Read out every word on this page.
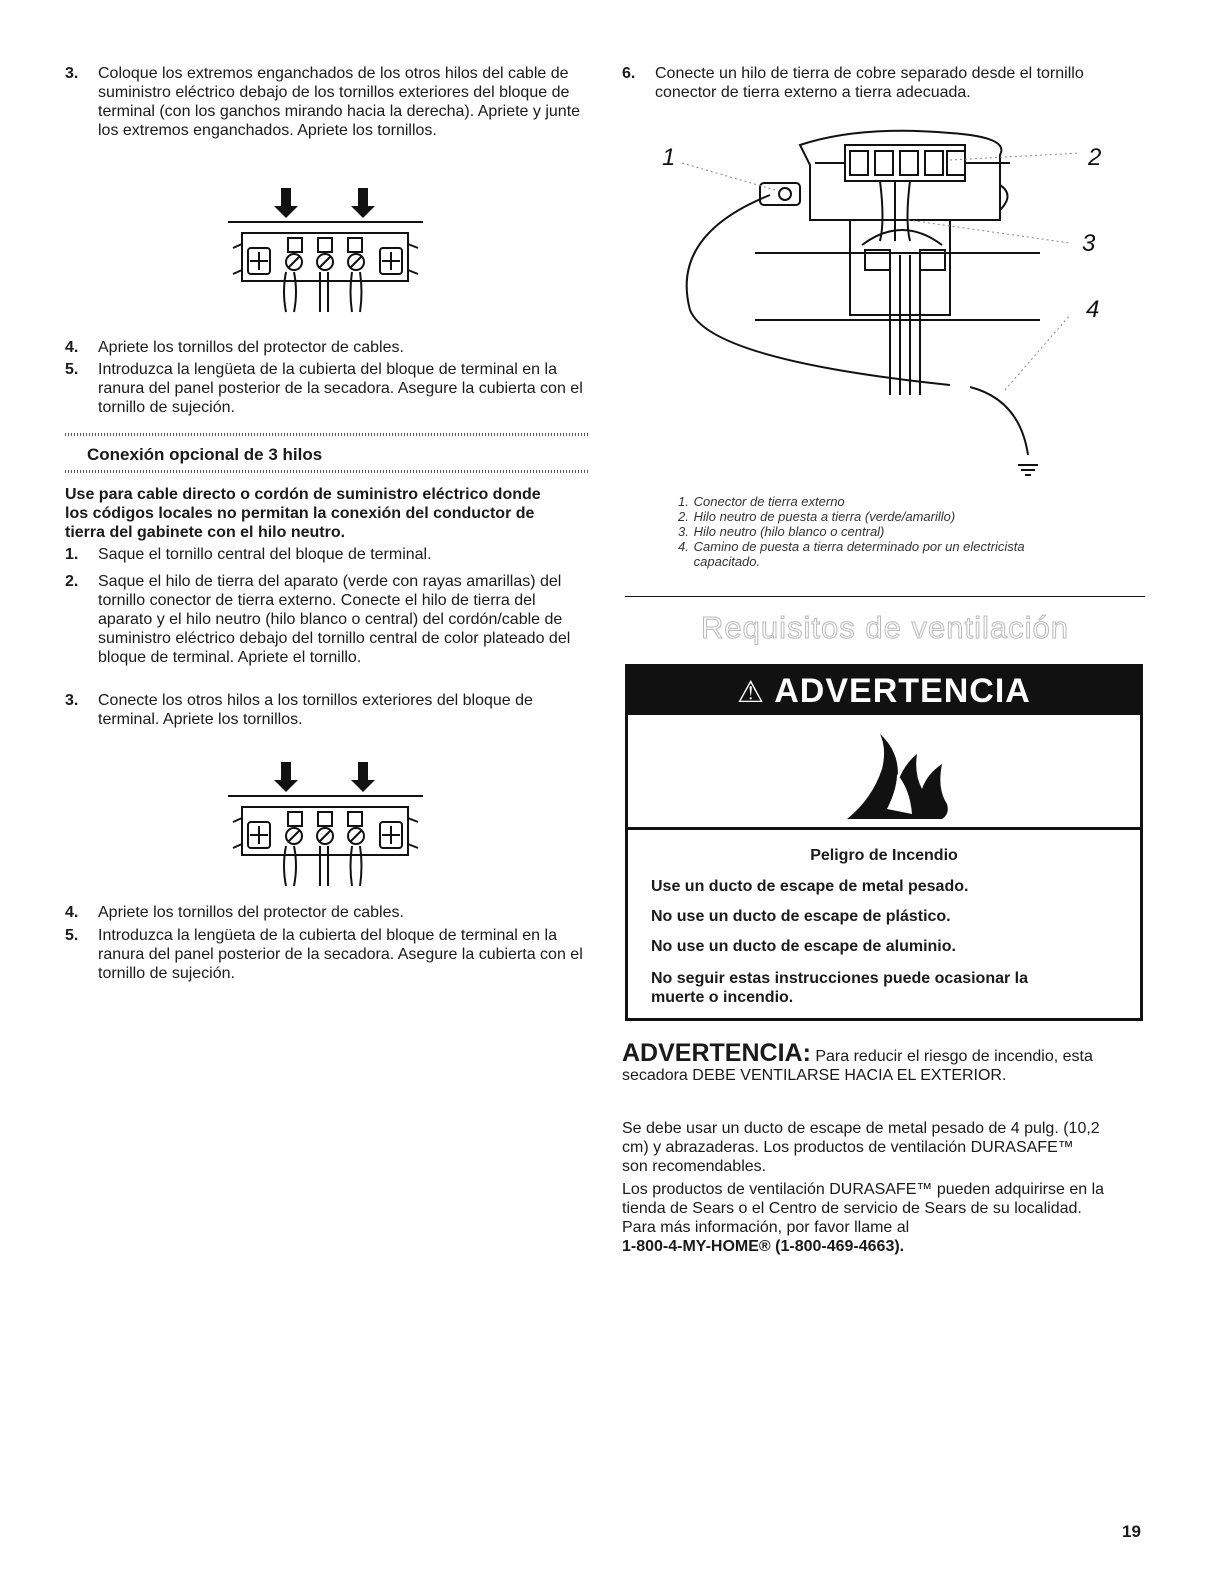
3.	Coloque los extremos enganchados de los otros hilos del cable de suministro eléctrico debajo de los tornillos exteriores del bloque de terminal (con los ganchos mirando hacia la derecha). Apriete y junte los extremos enganchados. Apriete los tornillos.
4.	Apriete los tornillos del protector de cables.
5.	Introduzca la lengüeta de la cubierta del bloque de terminal en la ranura del panel posterior de la secadora. Asegure la cubierta con el tornillo de sujeción.
Conexión opcional de 3 hilos
Use para cable directo o cordón de suministro eléctrico donde los códigos locales no permitan la conexión del conductor de tierra del gabinete con el hilo neutro.
1.	Saque el tornillo central del bloque de terminal.
2.	Saque el hilo de tierra del aparato (verde con rayas amarillas) del tornillo conector de tierra externo. Conecte el hilo de tierra del aparato y el hilo neutro (hilo blanco o central) del cordón/cable de suministro eléctrico debajo del tornillo central de color plateado del bloque de terminal. Apriete el tornillo.
3.	Conecte los otros hilos a los tornillos exteriores del bloque de terminal. Apriete los tornillos.
4.	Apriete los tornillos del protector de cables.
5.	Introduzca la lengüeta de la cubierta del bloque de terminal en la ranura del panel posterior de la secadora. Asegure la cubierta con el tornillo de sujeción.
6.	Conecte un hilo de tierra de cobre separado desde el tornillo conector de tierra externo a tierra adecuada.
1	2
3
4
1.
Conector de tierra externo
2.
Hilo neutro de puesta a tierra (verde/amarillo)
3.
Hilo neutro (hilo blanco o central)
4.
Camino de puesta a tierra determinado por un electricista capacitado.
Requisitos de ventilación
⚠ ADVERTENCIA
Peligro de Incendio
Use un ducto de escape de metal pesado.
No use un ducto de escape de plástico.
No use un ducto de escape de aluminio.
No seguir estas instrucciones puede ocasionar la muerte o incendio.
ADVERTENCIA: Para reducir el riesgo de incendio, esta secadora DEBE VENTILARSE HACIA EL EXTERIOR.
Se debe usar un ducto de escape de metal pesado de 4 pulg. (10,2 cm) y abrazaderas. Los productos de ventilación DURASAFE™ son recomendables.
Los productos de ventilación DURASAFE™ pueden adquirirse en la tienda de Sears o el Centro de servicio de Sears de su localidad. Para más información, por favor llame al
1-800-4-MY-HOME® (1-800-469-4663).
19
